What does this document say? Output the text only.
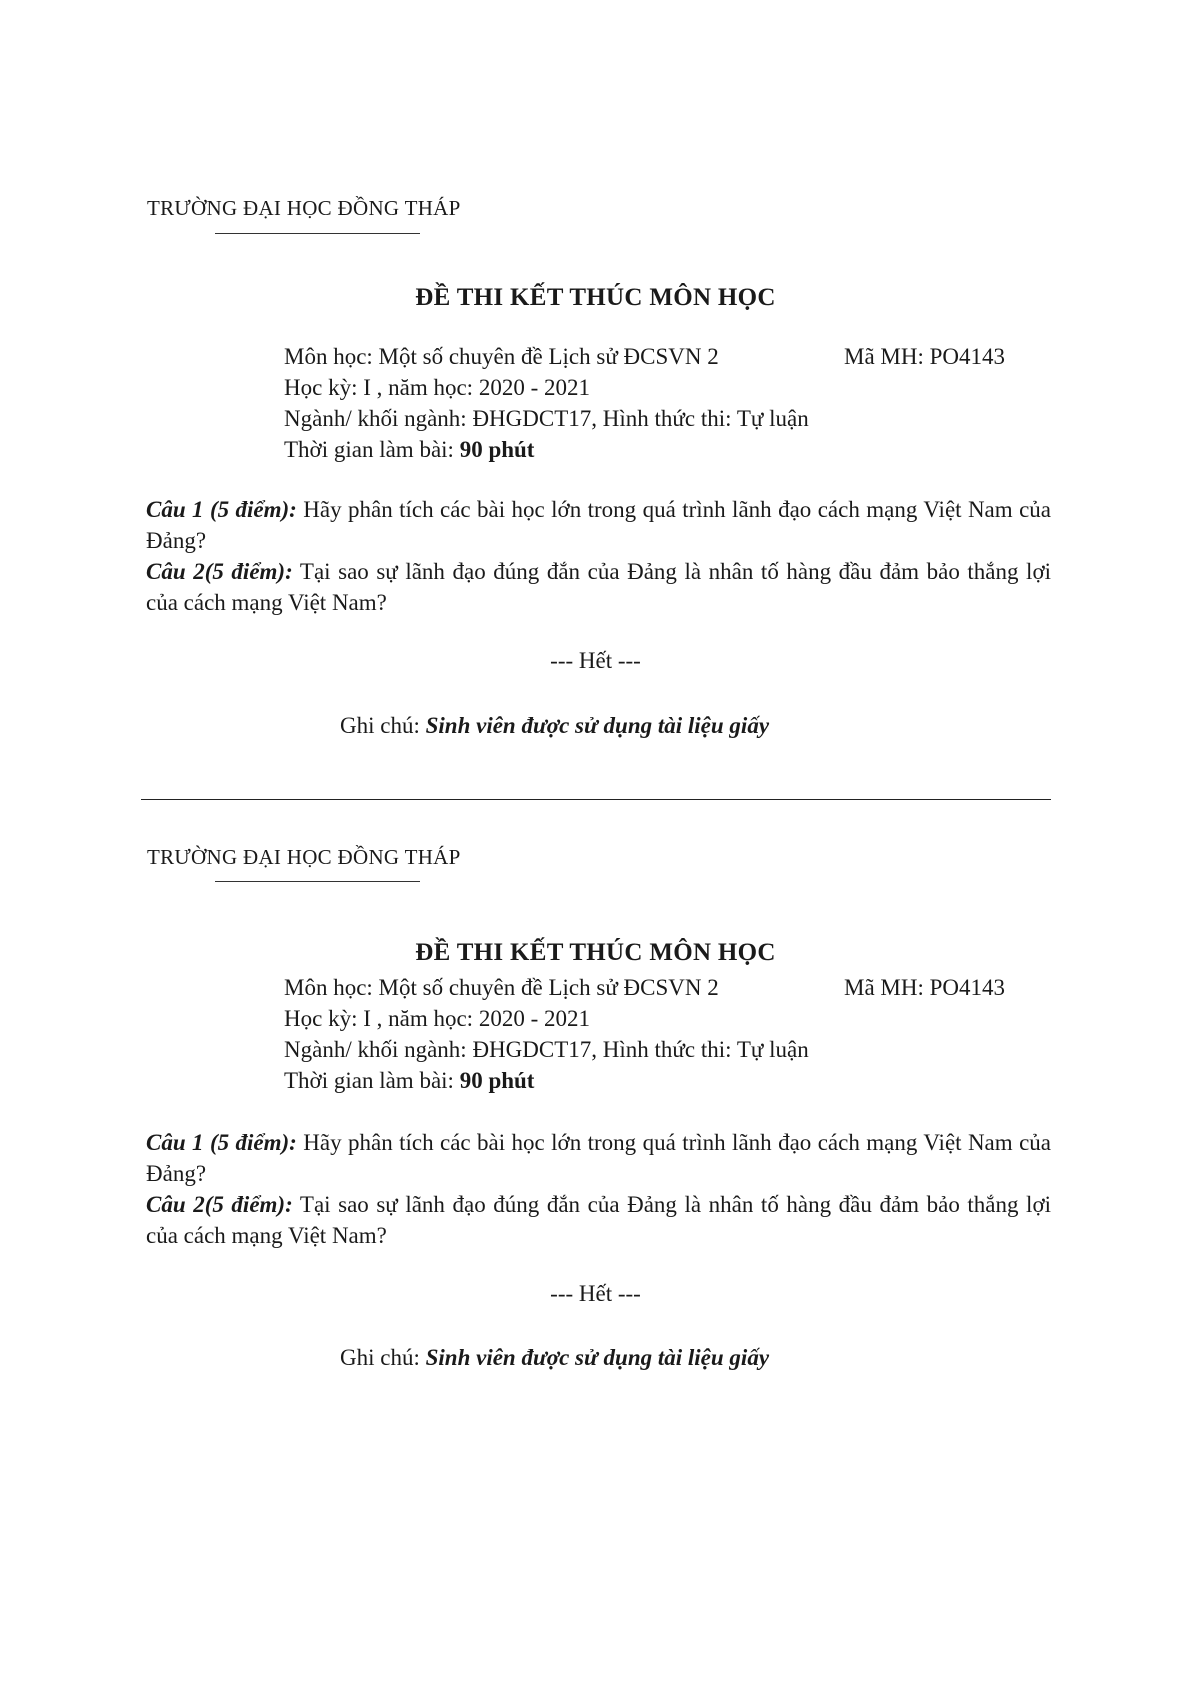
TRƯỜNG ĐẠI HỌC ĐỒNG THÁP
ĐỀ THI KẾT THÚC MÔN HỌC
Môn học: Một số chuyên đề Lịch sử ĐCSVN 2	Mã MH: PO4143
Học kỳ: I , năm học: 2020 - 2021
Ngành/ khối ngành: ĐHGDCT17, Hình thức thi: Tự luận
Thời gian làm bài: 90 phút
Câu 1 (5 điểm): Hãy phân tích các bài học lớn trong quá trình lãnh đạo cách mạng Việt Nam của Đảng?
Câu 2(5 điểm): Tại sao sự lãnh đạo đúng đắn của Đảng là nhân tố hàng đầu đảm bảo thắng lợi của cách mạng Việt Nam?
--- Hết ---
Ghi chú: Sinh viên được sử dụng tài liệu giấy
TRƯỜNG ĐẠI HỌC ĐỒNG THÁP
ĐỀ THI KẾT THÚC MÔN HỌC
Môn học: Một số chuyên đề Lịch sử ĐCSVN 2	Mã MH: PO4143
Học kỳ: I , năm học: 2020 - 2021
Ngành/ khối ngành: ĐHGDCT17, Hình thức thi: Tự luận
Thời gian làm bài: 90 phút
Câu 1 (5 điểm): Hãy phân tích các bài học lớn trong quá trình lãnh đạo cách mạng Việt Nam của Đảng?
Câu 2(5 điểm): Tại sao sự lãnh đạo đúng đắn của Đảng là nhân tố hàng đầu đảm bảo thắng lợi của cách mạng Việt Nam?
--- Hết ---
Ghi chú: Sinh viên được sử dụng tài liệu giấy
